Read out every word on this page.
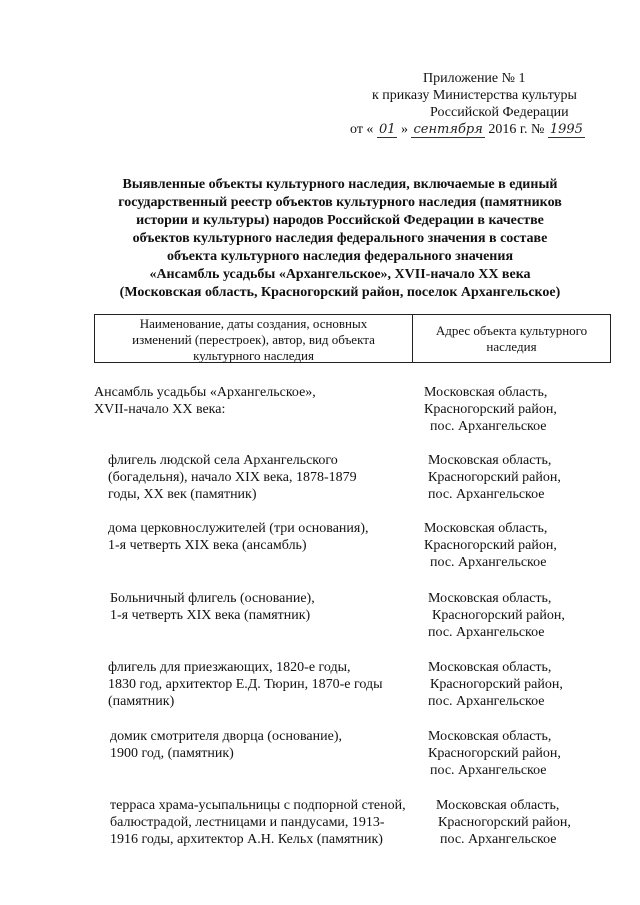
Приложение № 1
к приказу Министерства культуры
Российской Федерации
от « 01 » сентября 2016 г. № 1995
Выявленные объекты культурного наследия, включаемые в единый
государственный реестр объектов культурного наследия (памятников
истории и культуры) народов Российской Федерации в качестве
объектов культурного наследия федерального значения в составе
объекта культурного наследия федерального значения
«Ансамбль усадьбы «Архангельское», XVII-начало XX века
(Московская область, Красногорский район, поселок Архангельское)
Наименование, даты создания, основных
изменений (перестроек), автор, вид объекта
культурного наследия
Адрес объекта культурного
наследия
Ансамбль усадьбы «Архангельское»,
XVII-начало XX века:
Московская область,
Красногорский район,
пос. Архангельское
флигель людской села Архангельского
(богадельня), начало XIX века, 1878-1879
годы, XX век (памятник)
Московская область,
Красногорский район,
пос. Архангельское
дома церковнослужителей (три основания),
1-я четверть XIX века (ансамбль)
Московская область,
Красногорский район,
пос. Архангельское
Больничный флигель (основание),
1-я четверть XIX века (памятник)
Московская область,
Красногорский район,
пос. Архангельское
флигель для приезжающих, 1820-е годы,
1830 год, архитектор Е.Д. Тюрин, 1870-е годы
(памятник)
Московская область,
Красногорский район,
пос. Архангельское
домик смотрителя дворца (основание),
1900 год, (памятник)
Московская область,
Красногорский район,
пос. Архангельское
терраса храма-усыпальницы с подпорной стеной,
балюстрадой, лестницами и пандусами, 1913-
1916 годы, архитектор А.Н. Кельх (памятник)
Московская область,
Красногорский район,
пос. Архангельское
